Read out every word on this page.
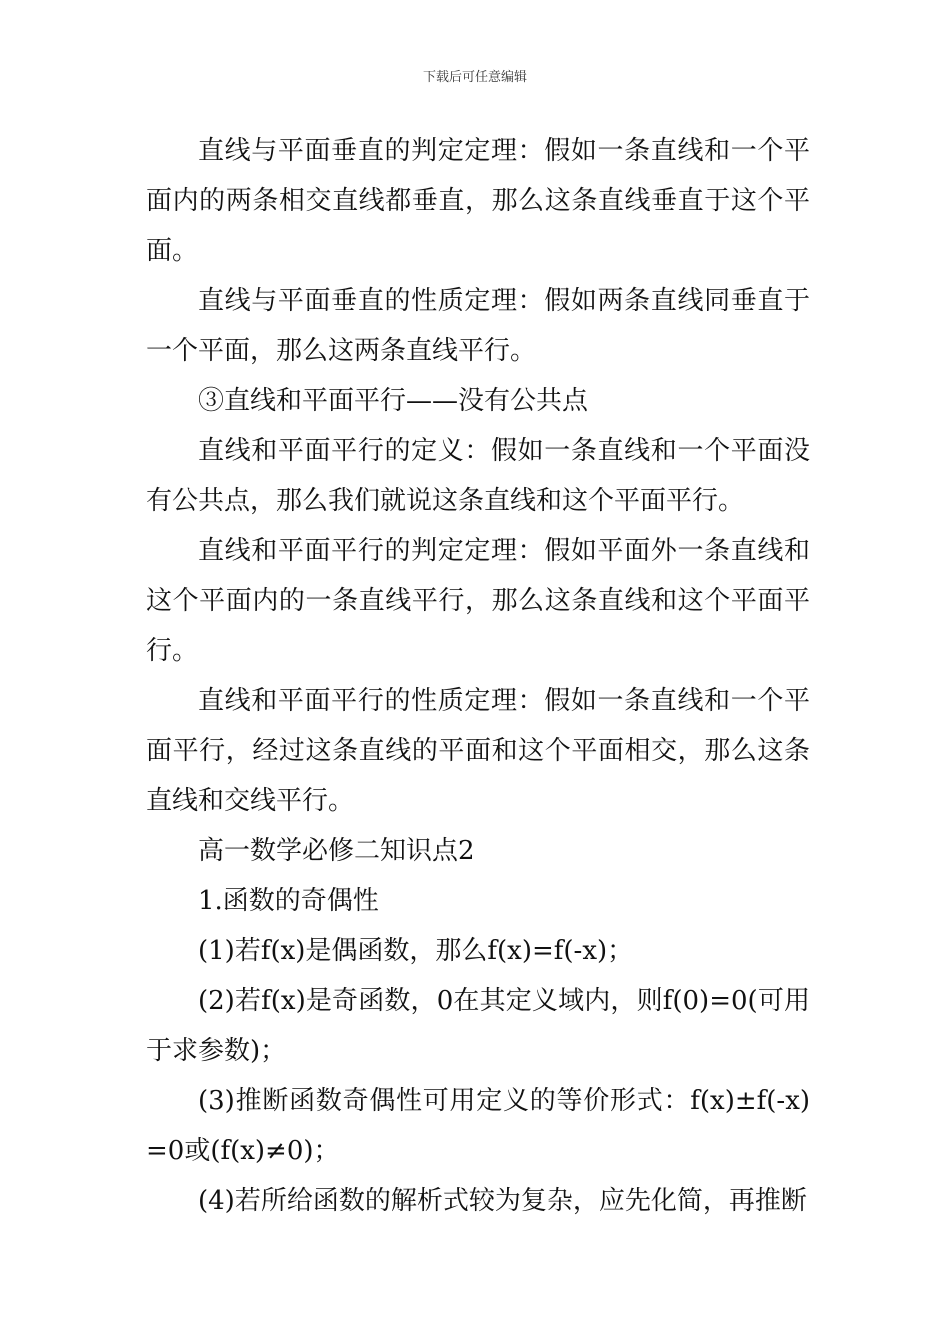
下载后可任意编辑

直线与平面垂直的判定定理：假如一条直线和一个平面内的两条相交直线都垂直，那么这条直线垂直于这个平面。

直线与平面垂直的性质定理：假如两条直线同垂直于一个平面，那么这两条直线平行。

③直线和平面平行——没有公共点

直线和平面平行的定义：假如一条直线和一个平面没有公共点，那么我们就说这条直线和这个平面平行。

直线和平面平行的判定定理：假如平面外一条直线和这个平面内的一条直线平行，那么这条直线和这个平面平行。

直线和平面平行的性质定理：假如一条直线和一个平面平行，经过这条直线的平面和这个平面相交，那么这条直线和交线平行。

高一数学必修二知识点2

1.函数的奇偶性

(1)若f(x)是偶函数，那么f(x)=f(-x)；

(2)若f(x)是奇函数，0在其定义域内，则f(0)=0(可用于求参数)；

(3)推断函数奇偶性可用定义的等价形式：f(x)±f(-x)=0或(f(x)≠0)；

(4)若所给函数的解析式较为复杂，应先化简，再推断
